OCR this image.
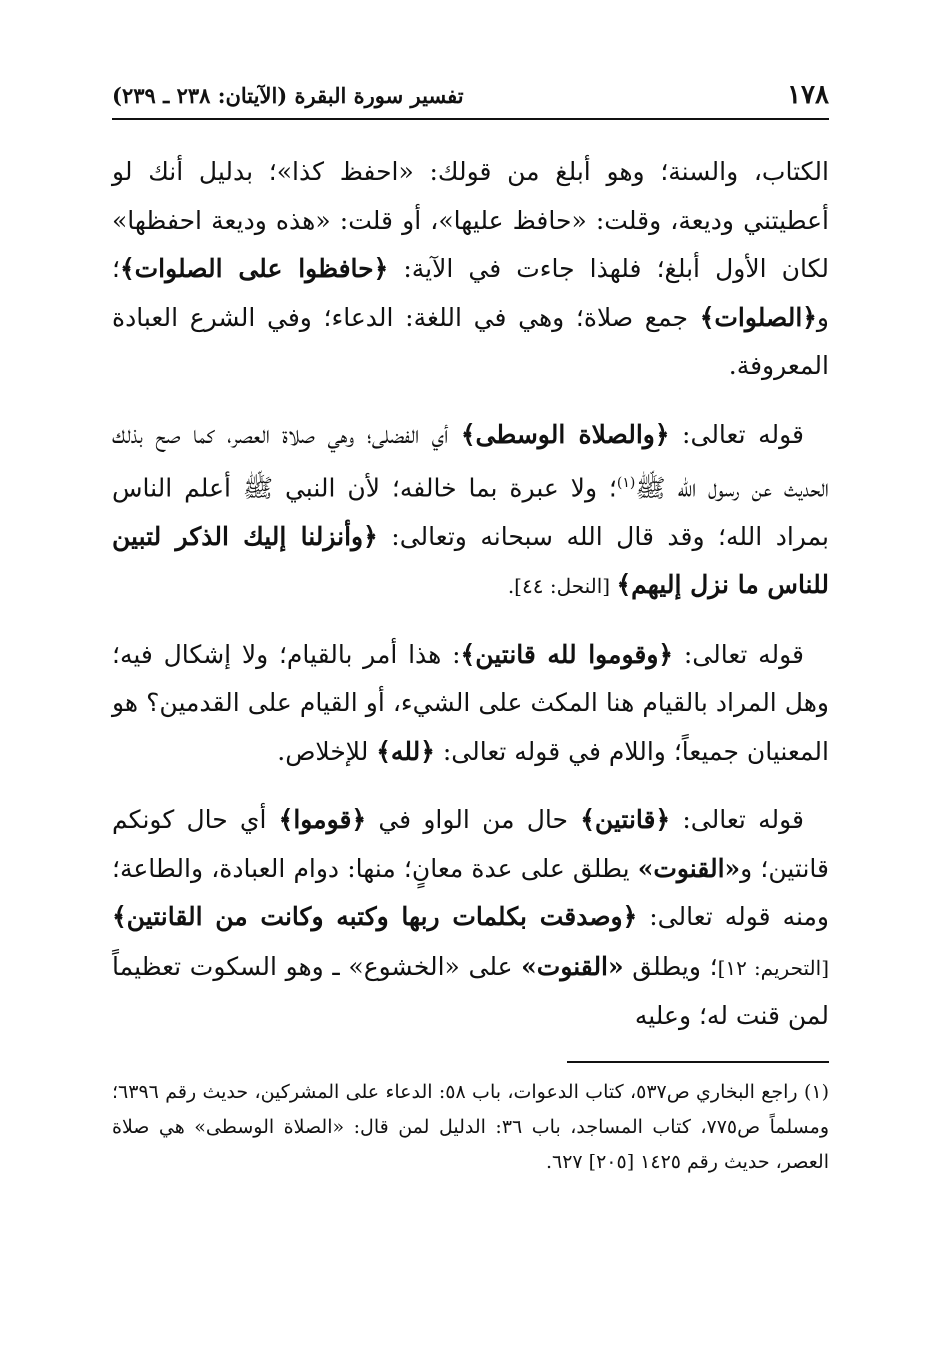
١٧٨
تفسير سورة البقرة (الآيتان: ٢٣٨ ـ ٢٣٩)

الكتاب، والسنة؛ وهو أبلغ من قولك: «احفظ كذا»؛ بدليل أنك لو أعطيتني وديعة، وقلت: «حافظ عليها»، أو قلت: «هذه وديعة احفظها» لكان الأول أبلغ؛ فلهذا جاءت في الآية: ﴿حافظوا على الصلوات﴾؛ و﴿الصلوات﴾ جمع صلاة؛ وهي في اللغة: الدعاء؛ وفي الشرع العبادة المعروفة.

 قوله تعالى: ﴿والصلاة الوسطى﴾ أي الفضلى؛ وهي صلاة العصر، كما صح بذلك الحديث عن رسول الله ﷺ$^{(١)}$؛ ولا عبرة بما خالفه؛ لأن النبي ﷺ أعلم الناس بمراد الله؛ وقد قال الله سبحانه وتعالى: ﴿وأنزلنا إليك الذكر لتبين للناس ما نزل إليهم﴾ [النحل: ٤٤].

 قوله تعالى: ﴿وقوموا لله قانتين﴾: هذا أمر بالقيام؛ ولا إشكال فيه؛ وهل المراد بالقيام هنا المكث على الشيء، أو القيام على القدمين؟ هو المعنيان جميعاً؛ واللام في قوله تعالى: ﴿لله﴾ للإخلاص.

 قوله تعالى: ﴿قانتين﴾ حال من الواو في ﴿قوموا﴾ أي حال كونكم قانتين؛ و«القنوت» يطلق على عدة معانٍ؛ منها: دوام العبادة، والطاعة؛ ومنه قوله تعالى: ﴿وصدقت بكلمات ربها وكتبه وكانت من القانتين﴾ [التحريم: ١٢]؛ ويطلق «القنوت» على «الخشوع» ـ وهو السكوت تعظيماً لمن قنت له؛ وعليه

(١) راجع البخاري ص٥٣٧، كتاب الدعوات، باب ٥٨: الدعاء على المشركين، حديث رقم ٦٣٩٦؛ ومسلماً ص٧٧٥، كتاب المساجد، باب ٣٦: الدليل لمن قال: «الصلاة الوسطى» هي صلاة العصر، حديث رقم ١٤٢٥ [٢٠٥] ٦٢٧.
